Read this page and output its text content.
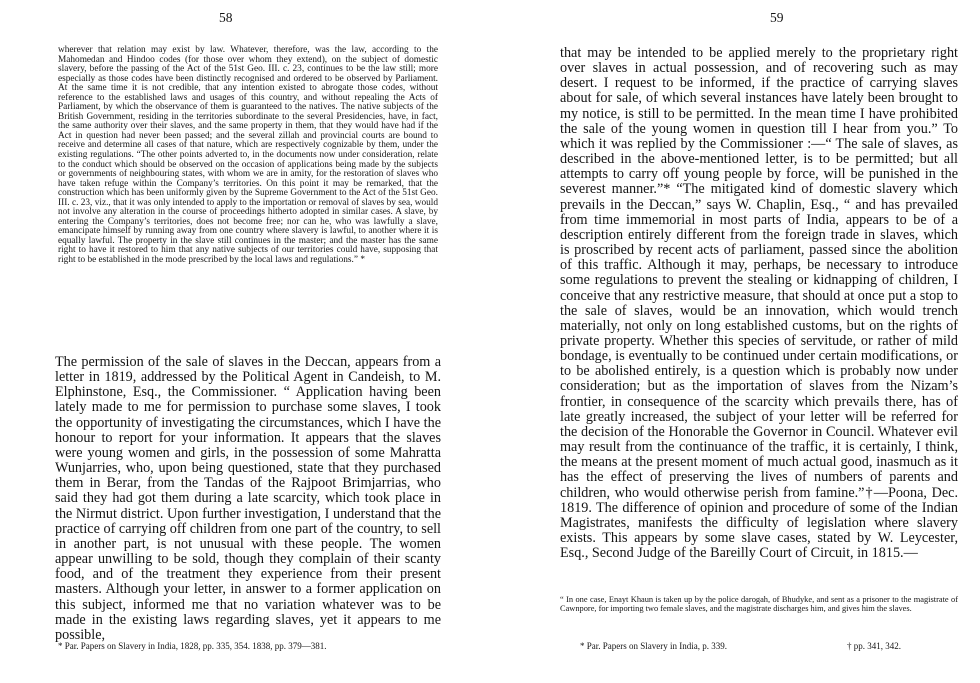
58

wherever that relation may exist by law. Whatever, therefore, was the law, according to the Mahomedan and Hindoo codes (for those over whom they extend), on the subject of domestic slavery, before the passing of the Act of the 51st Geo. III. c. 23, continues to be the law still; more especially as those codes have been distinctly recognised and ordered to be observed by Parliament. At the same time it is not credible, that any intention existed to abrogate those codes, without reference to the established laws and usages of this country, and without repealing the Acts of Parliament, by which the observance of them is guaranteed to the natives. The native subjects of the British Government, residing in the territories subordinate to the several Presidencies, have, in fact, the same authority over their slaves, and the same property in them, that they would have had if the Act in question had never been passed; and the several zillah and provincial courts are bound to receive and determine all cases of that nature, which are respectively cognizable by them, under the existing regulations. “The other points adverted to, in the documents now under consideration, relate to the conduct which should be observed on the occasion of applications being made by the subjects or governments of neighbouring states, with whom we are in amity, for the restoration of slaves who have taken refuge within the Company’s territories. On this point it may be remarked, that the construction which has been uniformly given by the Supreme Government to the Act of the 51st Geo. III. c. 23, viz., that it was only intended to apply to the importation or removal of slaves by sea, would not involve any alteration in the course of proceedings hitherto adopted in similar cases. A slave, by entering the Company’s territories, does not become free; nor can he, who was lawfully a slave, emancipate himself by running away from one country where slavery is lawful, to another where it is equally lawful. The property in the slave still continues in the master; and the master has the same right to have it restored to him that any native subjects of our territories could have, supposing that right to be established in the mode prescribed by the local laws and regulations.” *

The permission of the sale of slaves in the Deccan, appears from a letter in 1819, addressed by the Political Agent in Candeish, to M. Elphinstone, Esq., the Commissioner. “ Application having been lately made to me for permission to purchase some slaves, I took the opportunity of investigating the circumstances, which I have the honour to report for your information. It appears that the slaves were young women and girls, in the possession of some Mahratta Wunjarries, who, upon being questioned, state that they purchased them in Berar, from the Tandas of the Rajpoot Brimjarrias, who said they had got them during a late scarcity, which took place in the Nirmut district. Upon further investigation, I understand that the practice of carrying off children from one part of the country, to sell in another part, is not unusual with these people. The women appear unwilling to be sold, though they complain of their scanty food, and of the treatment they experience from their present masters. Although your letter, in answer to a former application on this subject, informed me that no variation whatever was to be made in the existing laws regarding slaves, yet it appears to me possible,

* Par. Papers on Slavery in India, 1828, pp. 335, 354. 1838, pp. 379—381.
59

that may be intended to be applied merely to the proprietary right over slaves in actual possession, and of recovering such as may desert. I request to be informed, if the practice of carrying slaves about for sale, of which several instances have lately been brought to my notice, is still to be permitted. In the mean time I have prohibited the sale of the young women in question till I hear from you.” To which it was replied by the Commissioner :—“ The sale of slaves, as described in the above-mentioned letter, is to be permitted; but all attempts to carry off young people by force, will be punished in the severest manner.”* “The mitigated kind of domestic slavery which prevails in the Deccan,” says W. Chaplin, Esq., “ and has prevailed from time immemorial in most parts of India, appears to be of a description entirely different from the foreign trade in slaves, which is proscribed by recent acts of parliament, passed since the abolition of this traffic. Although it may, perhaps, be necessary to introduce some regulations to prevent the stealing or kidnapping of children, I conceive that any restrictive measure, that should at once put a stop to the sale of slaves, would be an innovation, which would trench materially, not only on long established customs, but on the rights of private property. Whether this species of servitude, or rather of mild bondage, is eventually to be continued under certain modifications, or to be abolished entirely, is a question which is probably now under consideration; but as the importation of slaves from the Nizam’s frontier, in consequence of the scarcity which prevails there, has of late greatly increased, the subject of your letter will be referred for the decision of the Honorable the Governor in Council. Whatever evil may result from the continuance of the traffic, it is certainly, I think, the means at the present moment of much actual good, inasmuch as it has the effect of preserving the lives of numbers of parents and children, who would otherwise perish from famine.”†—Poona, Dec. 1819. The difference of opinion and procedure of some of the Indian Magistrates, manifests the difficulty of legislation where slavery exists. This appears by some slave cases, stated by W. Leycester, Esq., Second Judge of the Bareilly Court of Circuit, in 1815.—

“ In one case, Enayt Khaun is taken up by the police darogah, of Bhudyke, and sent as a prisoner to the magistrate of Cawnpore, for importing two female slaves, and the magistrate discharges him, and gives him the slaves.

* Par. Papers on Slavery in India, p. 339.	† pp. 341, 342.
